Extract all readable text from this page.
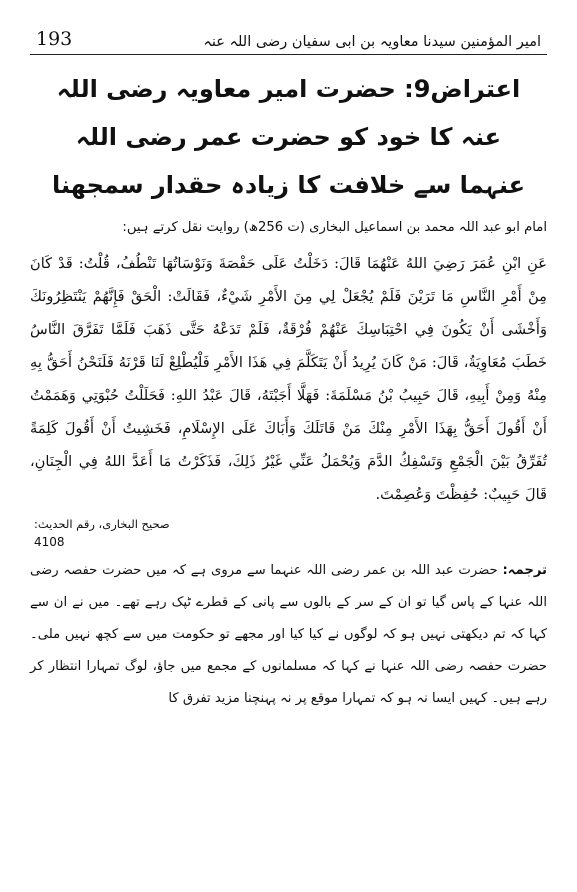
193	امیر المؤمنین سیدنا معاویہ بن ابی سفیان رضی اللہ عنہ
اعتراض9: حضرت امیر معاویہ رضی اللہ عنہ کا خود کو حضرت عمر رضی اللہ عنہما سے خلافت کا زیادہ حقدار سمجھنا

امام ابو عبد اللہ محمد بن اسماعیل البخاری (ت 256ھ) روایت نقل کرتے ہیں:

عَنِ ابْنِ عُمَرَ رَضِيَ اللهُ عَنْهُمَا قَالَ: دَخَلْتُ عَلَى حَفْصَةَ وَنَوْسَاتُهَا تَنْطُفُ، قُلْتُ: قَدْ كَانَ مِنْ أَمْرِ النَّاسِ مَا تَرَيْنَ فَلَمْ يُجْعَلْ لِي مِنَ الأَمْرِ شَيْءٌ، فَقَالَتْ: الْحَقْ فَإِنَّهُمْ يَنْتَظِرُونَكَ وَأَخْشَى أَنْ يَكُونَ فِي احْتِبَاسِكَ عَنْهُمْ فُرْقَةٌ، فَلَمْ تَدَعْهُ حَتَّى ذَهَبَ فَلَمَّا تَفَرَّقَ النَّاسُ خَطَبَ مُعَاوِيَةُ، قَالَ: مَنْ كَانَ يُرِيدُ أَنْ يَتَكَلَّمَ فِي هَذَا الأَمْرِ فَلْيُطْلِعْ لَنَا قَرْنَهُ فَلَنَحْنُ أَحَقُّ بِهِ مِنْهُ وَمِنْ أَبِيهِ، قَالَ حَبِيبُ بْنُ مَسْلَمَةَ: فَهَلَّا أَجَبْتَهُ، قَالَ عَبْدُ اللهِ: فَحَلَلْتُ حُبْوَتِي وَهَمَمْتُ أَنْ أَقُولَ أَحَقُّ بِهَذَا الأَمْرِ مِنْكَ مَنْ قَاتَلَكَ وَأَبَاكَ عَلَى الإِسْلَامِ، فَخَشِيتُ أَنْ أَقُولَ كَلِمَةً تُفَرِّقُ بَيْنَ الْجَمْعِ وَتَسْفِكُ الدَّمَ وَيُحْمَلُ عَنِّي غَيْرُ ذَلِكَ، فَذَكَرْتُ مَا أَعَدَّ اللهُ فِي الْجِنَانِ، قَالَ حَبِيبٌ: حُفِظْتَ وَعُصِمْتَ.

صحیح البخاری، رقم الحدیث:
4108

ترجمہ: حضرت عبد اللہ بن عمر رضی اللہ عنہما سے مروی ہے کہ میں حضرت حفصہ رضی اللہ عنہا کے پاس گیا تو ان کے سر کے بالوں سے پانی کے قطرے ٹپک رہے تھے۔ میں نے ان سے کہا کہ تم دیکھتی نہیں ہو کہ لوگوں نے کیا کیا اور مجھے تو حکومت میں سے کچھ نہیں ملی۔ حضرت حفصہ رضی اللہ عنہا نے کہا کہ مسلمانوں کے مجمع میں جاؤ، لوگ تمہارا انتظار کر رہے ہیں۔ کہیں ایسا نہ ہو کہ تمہارا موقع پر نہ پہنچنا مزید تفرق کا
